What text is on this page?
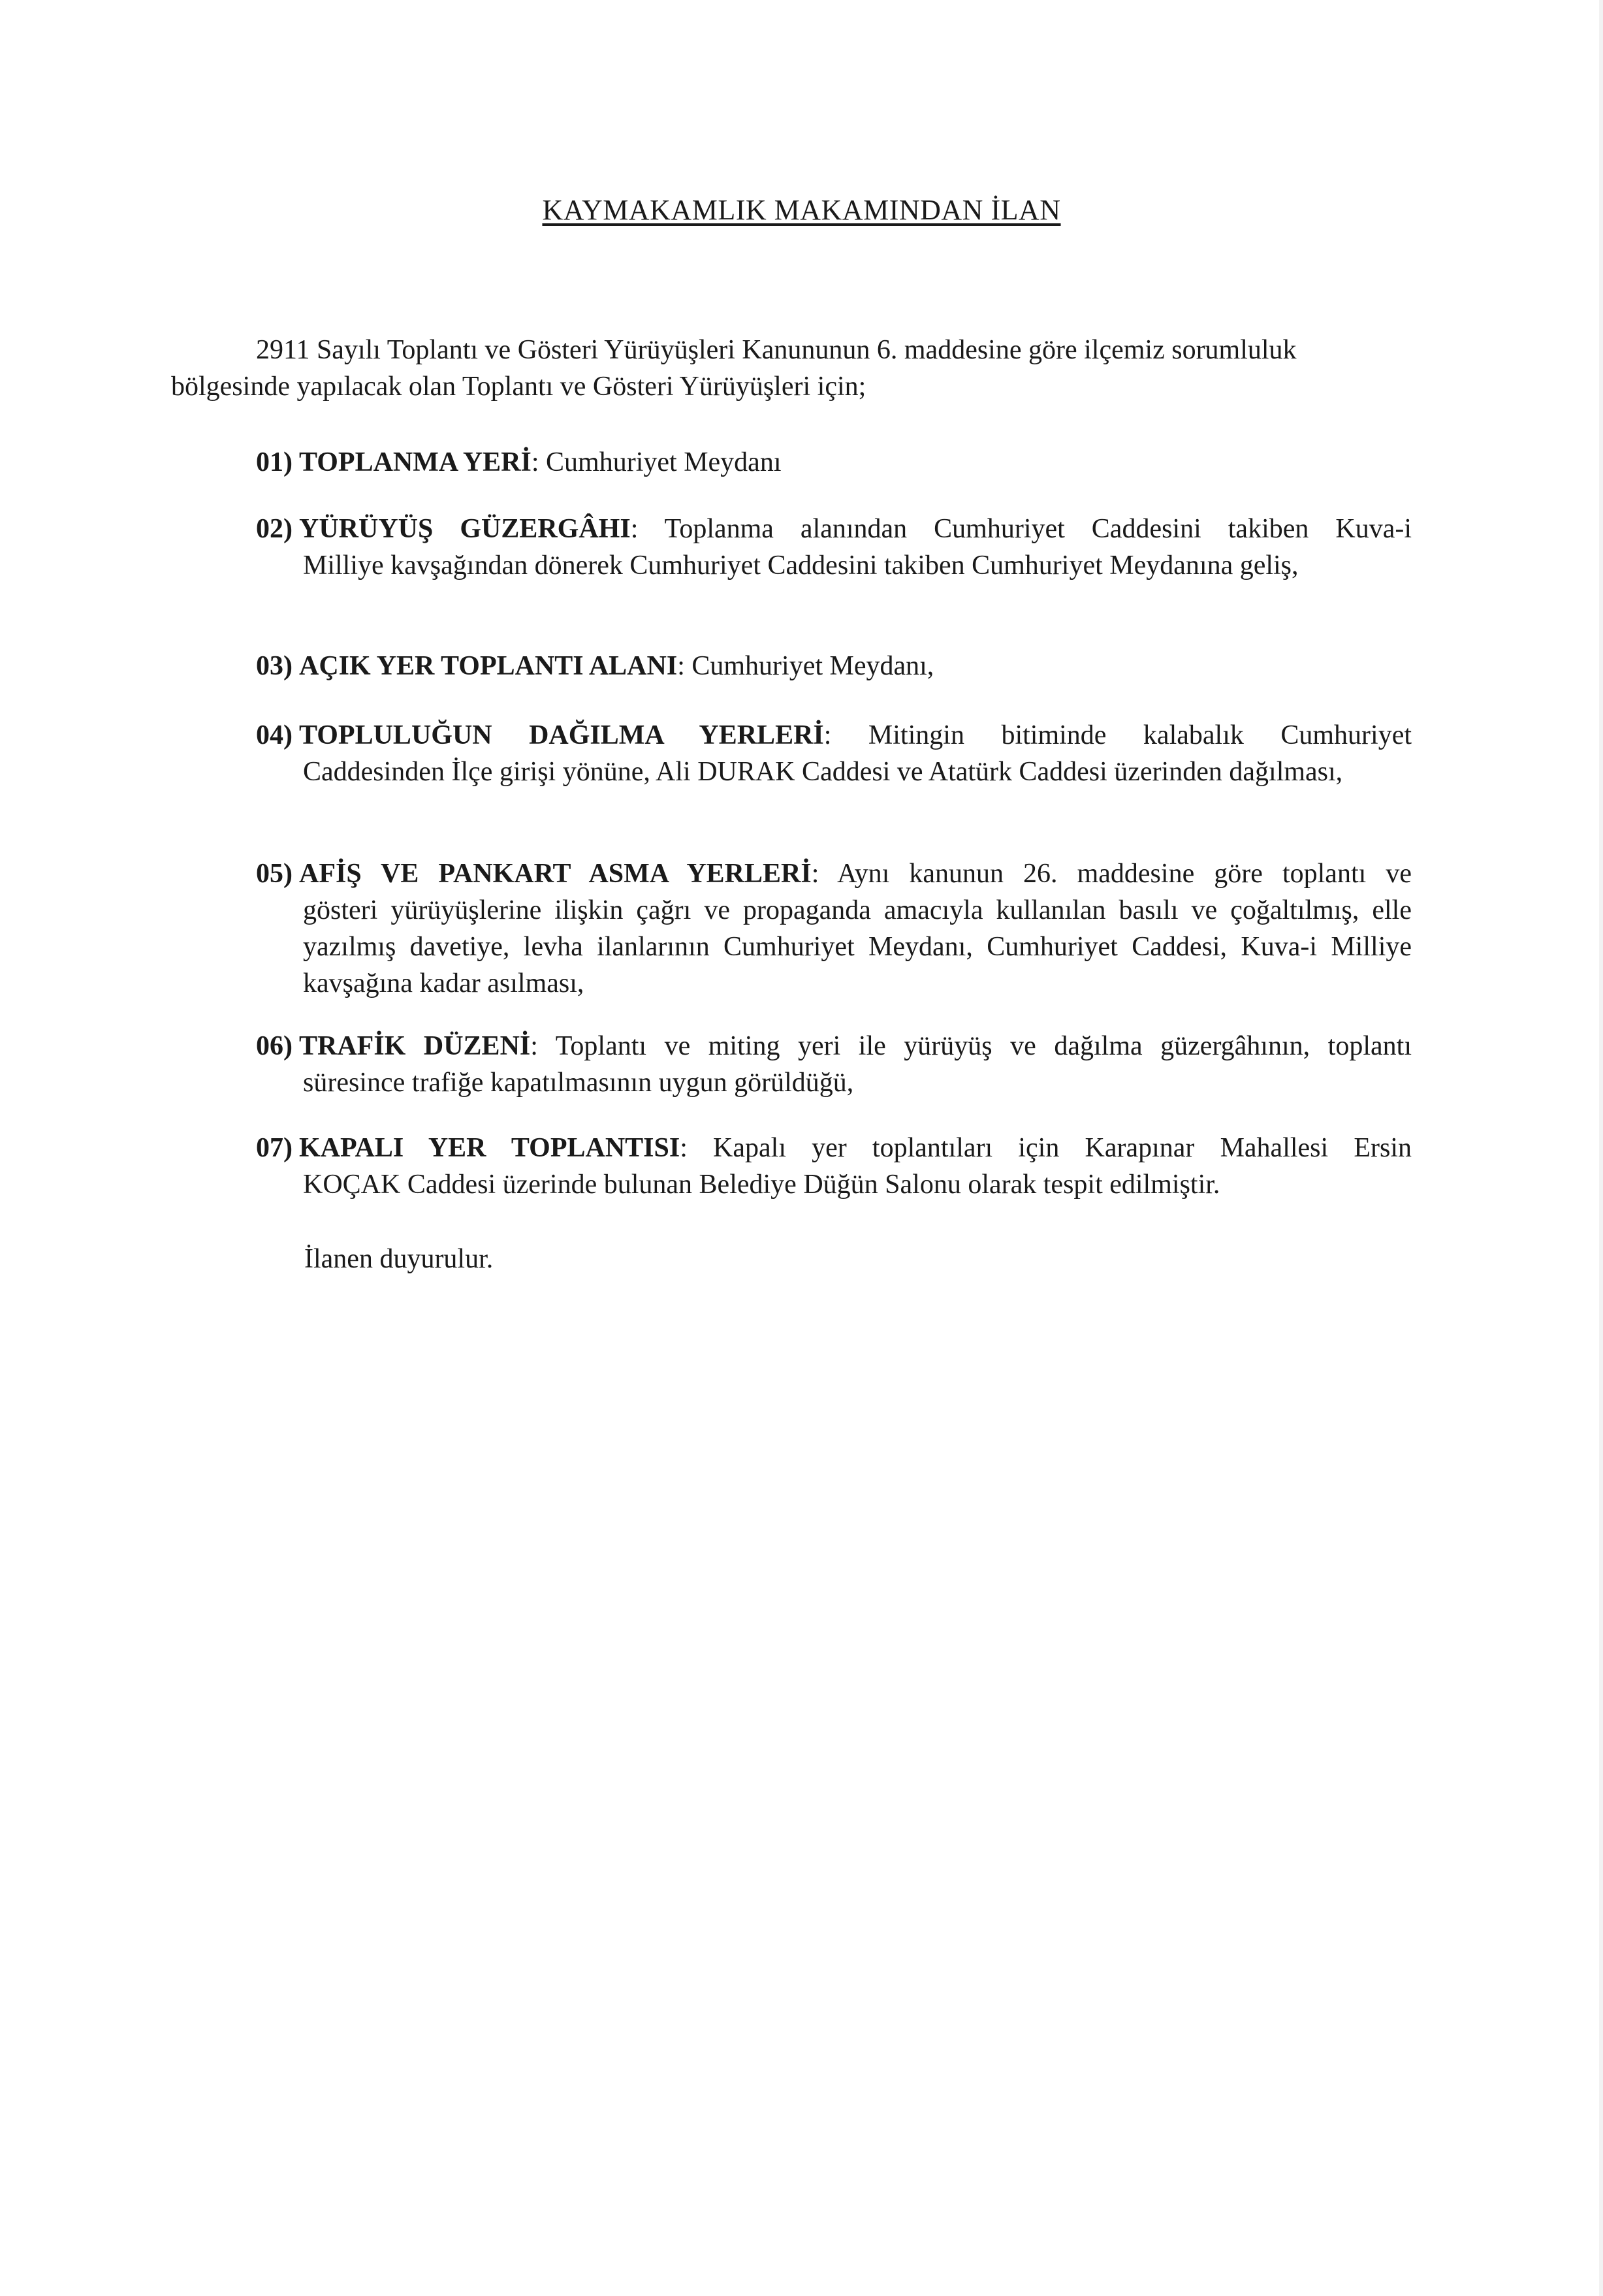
KAYMAKAMLIK MAKAMINDAN İLAN
2911 Sayılı Toplantı ve Gösteri Yürüyüşleri Kanununun 6. maddesine göre ilçemiz sorumluluk
bölgesinde yapılacak olan Toplantı ve Gösteri Yürüyüşleri için;
01) TOPLANMA YERİ: Cumhuriyet Meydanı
02) YÜRÜYÜŞ GÜZERGÂHI: Toplanma alanından Cumhuriyet Caddesini takiben Kuva-i
Milliye kavşağından dönerek Cumhuriyet Caddesini takiben Cumhuriyet Meydanına geliş,
03) AÇIK YER TOPLANTI ALANI: Cumhuriyet Meydanı,
04) TOPLULUĞUN DAĞILMA YERLERİ: Mitingin bitiminde kalabalık Cumhuriyet
Caddesinden İlçe girişi yönüne, Ali DURAK Caddesi ve Atatürk Caddesi üzerinden dağılması,
05) AFİŞ VE PANKART ASMA YERLERİ: Aynı kanunun 26. maddesine göre toplantı ve
gösteri yürüyüşlerine ilişkin çağrı ve propaganda amacıyla kullanılan basılı ve çoğaltılmış, elle yazılmış davetiye, levha ilanlarının Cumhuriyet Meydanı, Cumhuriyet Caddesi, Kuva-i Milliye kavşağına kadar asılması,
06) TRAFİK DÜZENİ: Toplantı ve miting yeri ile yürüyüş ve dağılma güzergâhının, toplantı
süresince trafiğe kapatılmasının uygun görüldüğü,
07) KAPALI YER TOPLANTISI: Kapalı yer toplantıları için Karapınar Mahallesi Ersin
KOÇAK Caddesi üzerinde bulunan Belediye Düğün Salonu olarak tespit edilmiştir.
İlanen duyurulur.
